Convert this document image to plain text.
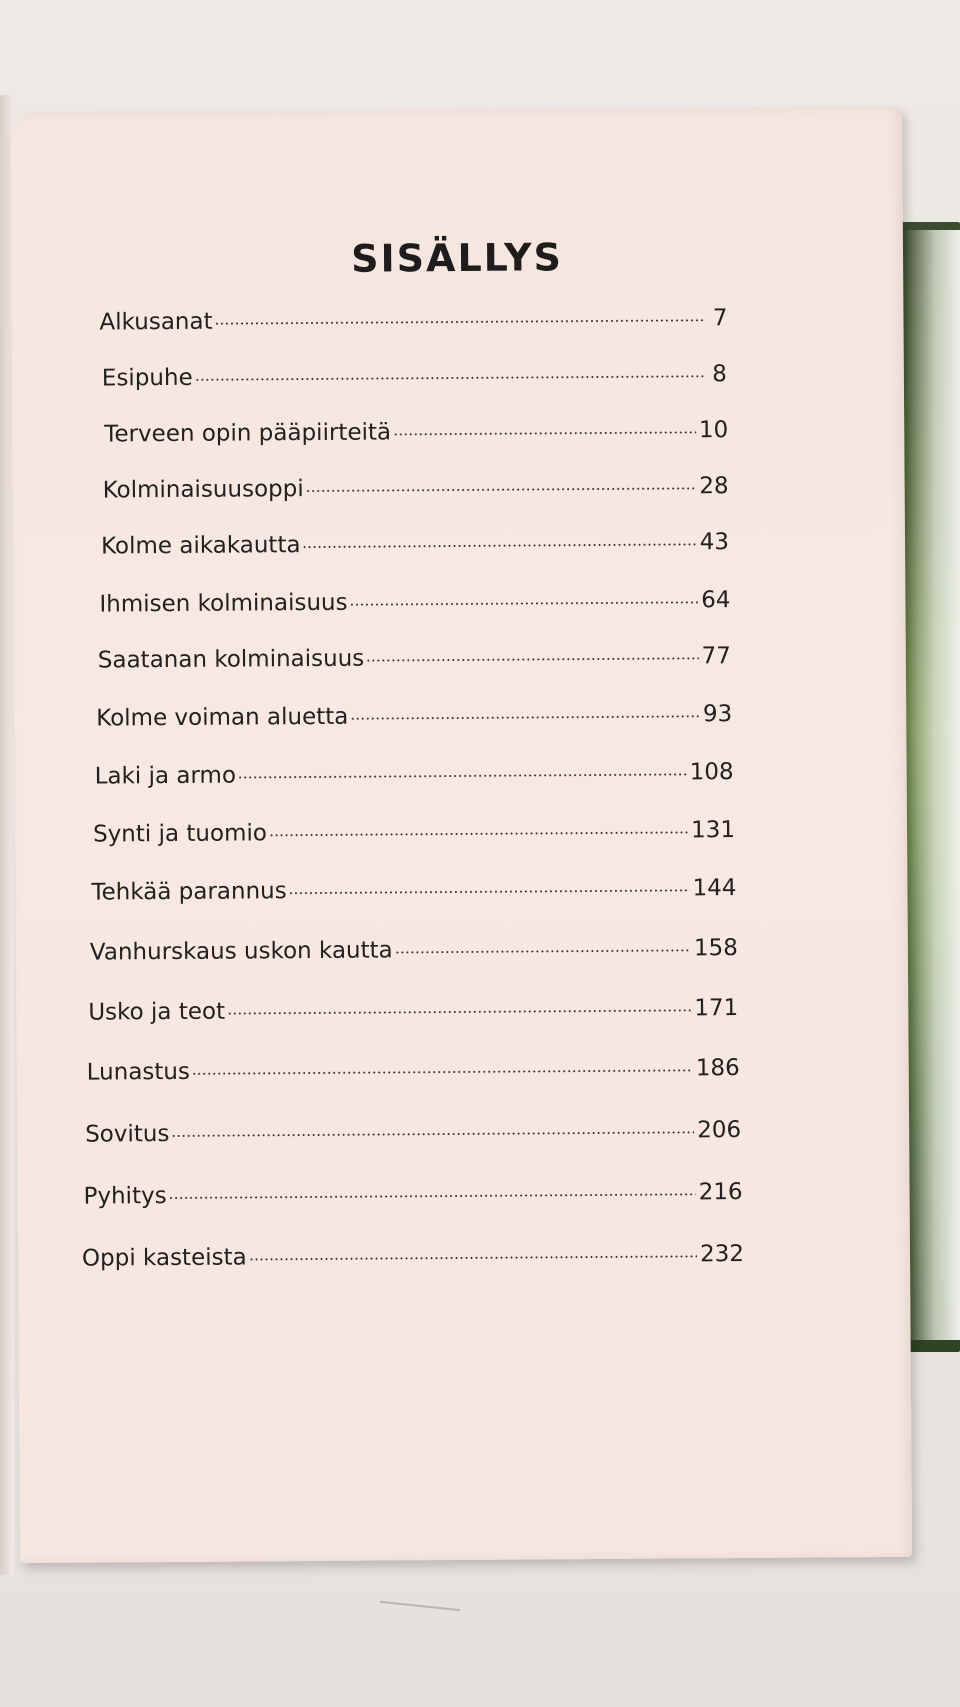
SISÄLLYS
Alkusanat	7
Esipuhe	8
Terveen opin pääpiirteitä	10
Kolminaisuusoppi	28
Kolme aikakautta	43
Ihmisen kolminaisuus	64
Saatanan kolminaisuus	77
Kolme voiman aluetta	93
Laki ja armo	108
Synti ja tuomio	131
Tehkää parannus	144
Vanhurskaus uskon kautta	158
Usko ja teot	171
Lunastus	186
Sovitus	206
Pyhitys	216
Oppi kasteista	232
